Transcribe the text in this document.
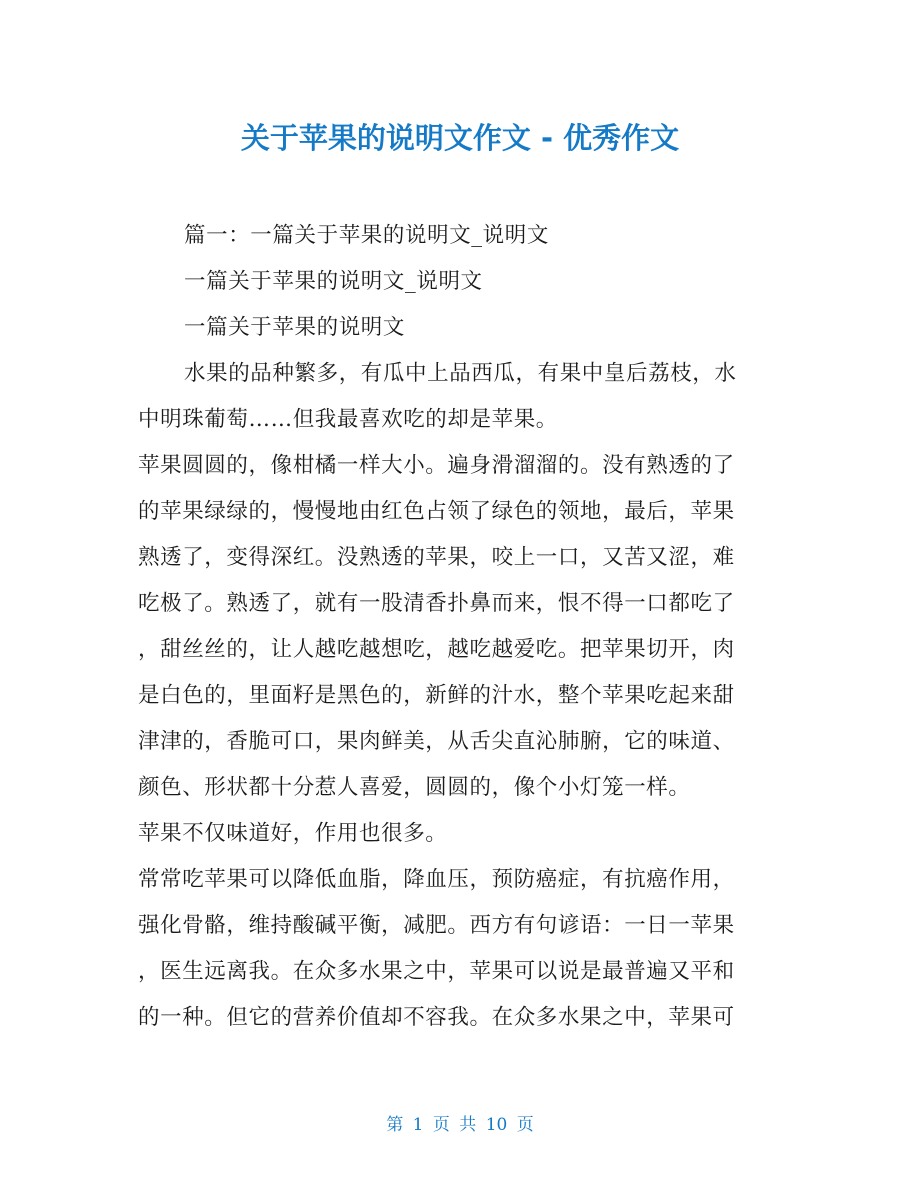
关于苹果的说明文作文 - 优秀作文
篇一：一篇关于苹果的说明文_说明文
一篇关于苹果的说明文_说明文
一篇关于苹果的说明文
水果的品种繁多，有瓜中上品西瓜，有果中皇后荔枝，水
中明珠葡萄……但我最喜欢吃的却是苹果。
苹果圆圆的，像柑橘一样大小。遍身滑溜溜的。没有熟透的了
的苹果绿绿的，慢慢地由红色占领了绿色的领地，最后，苹果
熟透了，变得深红。没熟透的苹果，咬上一口，又苦又涩，难
吃极了。熟透了，就有一股清香扑鼻而来，恨不得一口都吃了
，甜丝丝的，让人越吃越想吃，越吃越爱吃。把苹果切开，肉
是白色的，里面籽是黑色的，新鲜的汁水，整个苹果吃起来甜
津津的，香脆可口，果肉鲜美，从舌尖直沁肺腑，它的味道、
颜色、形状都十分惹人喜爱，圆圆的，像个小灯笼一样。
苹果不仅味道好，作用也很多。
常常吃苹果可以降低血脂，降血压，预防癌症，有抗癌作用，
强化骨骼，维持酸碱平衡，减肥。西方有句谚语：一日一苹果
，医生远离我。在众多水果之中，苹果可以说是最普遍又平和
的一种。但它的营养价值却不容我。在众多水果之中，苹果可
第 1 页 共 10 页
